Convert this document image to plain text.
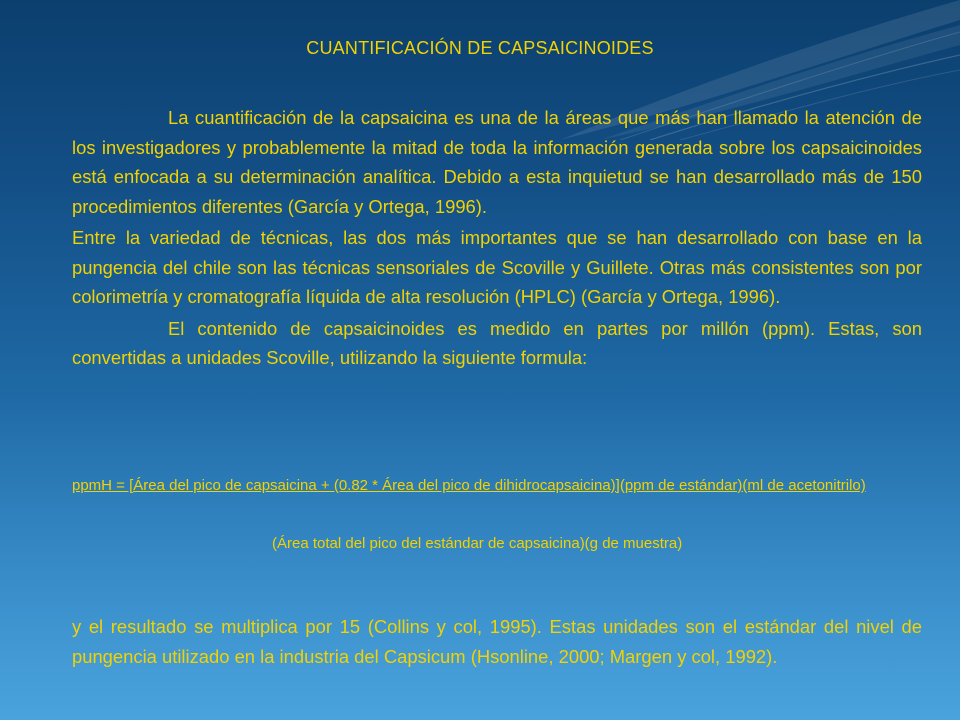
CUANTIFICACIÓN DE CAPSAICINOIDES

La cuantificación de la capsaicina es una de la áreas que más han llamado la atención de los investigadores y probablemente la mitad de toda la información generada sobre los capsaicinoides está enfocada a su determinación analítica. Debido a esta inquietud se han desarrollado más de 150 procedimientos diferentes (García y Ortega, 1996).

Entre la variedad de técnicas, las dos más importantes que se han desarrollado con base en la pungencia del chile son las técnicas sensoriales de Scoville y Guillete. Otras más consistentes son por colorimetría y cromatografía líquida de alta resolución (HPLC) (García y Ortega, 1996).

El contenido de capsaicinoides es medido en partes por millón (ppm). Estas, son convertidas a unidades Scoville, utilizando la siguiente formula:

ppmH = [Área del pico de capsaicina + (0.82 * Área del pico de dihidrocapsaicina)](ppm de estándar)(ml de acetonitrilo)
(Área total del pico del estándar de capsaicina)(g de muestra)

y el resultado se multiplica por 15 (Collins y col, 1995). Estas unidades son el estándar del nivel de pungencia utilizado en la industria del Capsicum (Hsonline, 2000; Margen y col, 1992).
